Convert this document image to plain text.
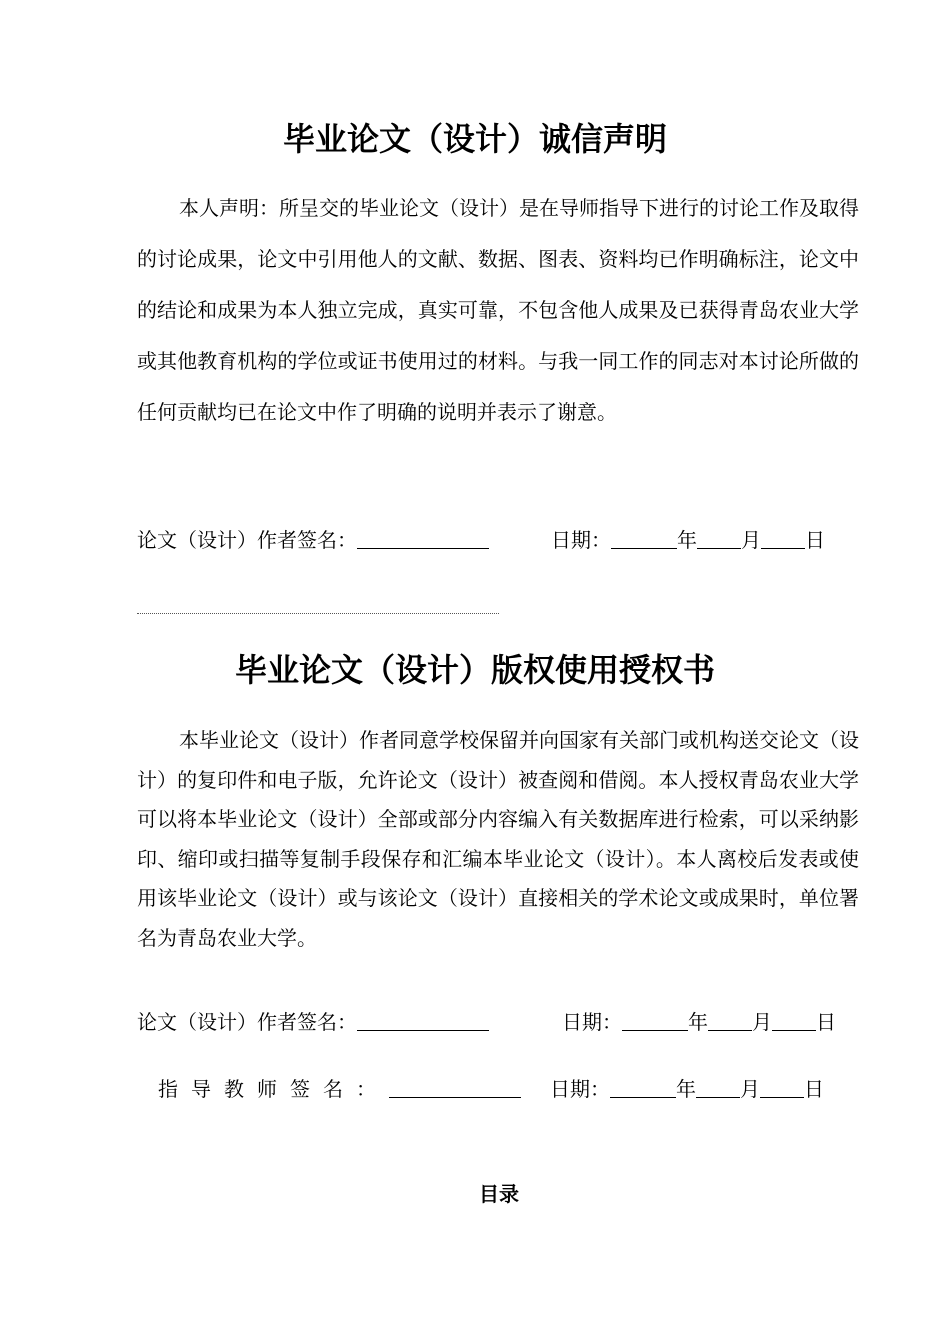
毕业论文（设计）诚信声明
本人声明：所呈交的毕业论文（设计）是在导师指导下进行的讨论工作及取得的讨论成果，论文中引用他人的文献、数据、图表、资料均已作明确标注，论文中的结论和成果为本人独立完成，真实可靠，不包含他人成果及已获得青岛农业大学或其他教育机构的学位或证书使用过的材料。与我一同工作的同志对本讨论所做的任何贡献均已在论文中作了明确的说明并表示了谢意。
论文（设计）作者签名：	日期：	年 月 日
毕业论文（设计）版权使用授权书
本毕业论文（设计）作者同意学校保留并向国家有关部门或机构送交论文（设计）的复印件和电子版，允许论文（设计）被查阅和借阅。本人授权青岛农业大学可以将本毕业论文（设计）全部或部分内容编入有关数据库进行检索，可以采纳影印、缩印或扫描等复制手段保存和汇编本毕业论文（设计）。本人离校后发表或使用该毕业论文（设计）或与该论文（设计）直接相关的学术论文或成果时，单位署名为青岛农业大学。
论文（设计）作者签名：	日期：	年 月 日
指导教师签名：	日期：	年 月 日
目录
